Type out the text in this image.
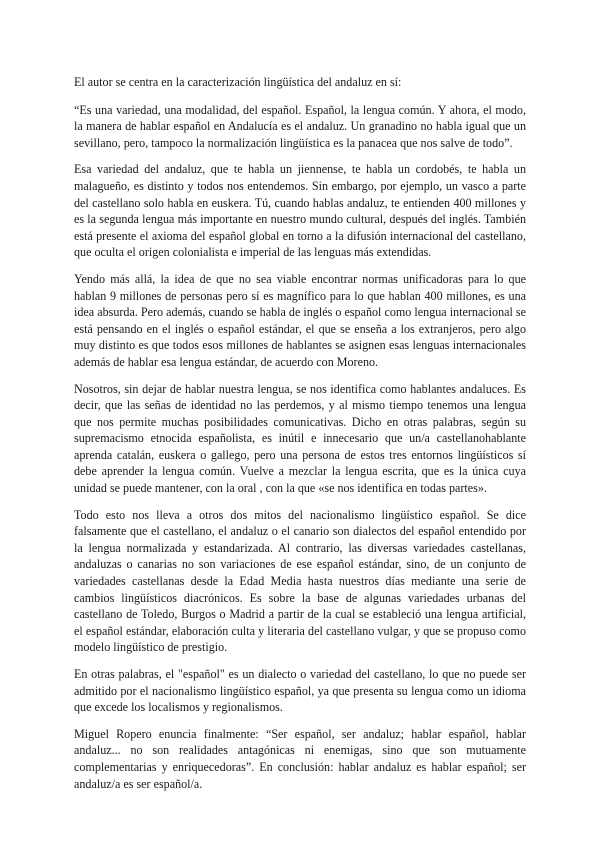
El autor se centra en la caracterización lingüística del andaluz en sí:

“Es una variedad, una modalidad, del español. Español, la lengua común. Y ahora, el modo, la manera de hablar español en Andalucía es el andaluz. Un granadino no habla igual que un sevillano, pero, tampoco la normalización lingüística es la panacea que nos salve de todo”.

Esa variedad del andaluz, que te habla un jiennense, te habla un cordobés, te habla un malagueño, es distinto y todos nos entendemos. Sin embargo, por ejemplo, un vasco a parte del castellano solo habla en euskera. Tú, cuando hablas andaluz, te entienden 400 millones y es la segunda lengua más importante en nuestro mundo cultural, después del inglés. También está presente el axioma del español global en torno a la difusión internacional del castellano, que oculta el origen colonialista e imperial de las lenguas más extendidas.

Yendo más allá, la idea de que no sea viable encontrar normas unificadoras para lo que hablan 9 millones de personas pero sí es magnífico para lo que hablan 400 millones, es una idea absurda. Pero además, cuando se habla de inglés o español como lengua internacional se está pensando en el inglés o español estándar, el que se enseña a los extranjeros, pero algo muy distinto es que todos esos millones de hablantes se asignen esas lenguas internacionales además de hablar esa lengua estándar, de acuerdo con Moreno.

Nosotros, sin dejar de hablar nuestra lengua, se nos identifica como hablantes andaluces. Es decir, que las señas de identidad no las perdemos, y al mismo tiempo tenemos una lengua que nos permite muchas posibilidades comunicativas. Dicho en otras palabras, según su supremacismo etnocida españolista, es inútil e innecesario que un/a castellanohablante aprenda catalán, euskera o gallego, pero una persona de estos tres entornos lingüísticos sí debe aprender la lengua común. Vuelve a mezclar la lengua escrita, que es la única cuya unidad se puede mantener, con la oral , con la que «se nos identifica en todas partes».

Todo esto nos lleva a otros dos mitos del nacionalismo lingüístico español. Se dice falsamente que el castellano, el andaluz o el canario son dialectos del español entendido por la lengua normalizada y estandarizada. Al contrario, las diversas variedades castellanas, andaluzas o canarias no son variaciones de ese español estándar, sino, de un conjunto de variedades castellanas desde la Edad Media hasta nuestros días mediante una serie de cambios lingüísticos diacrónicos. Es sobre la base de algunas variedades urbanas del castellano de Toledo, Burgos o Madrid a partir de la cual se estableció una lengua artificial, el español estándar, elaboración culta y literaria del castellano vulgar, y que se propuso como modelo lingüístico de prestigio.

En otras palabras, el "español" es un dialecto o variedad del castellano, lo que no puede ser admitido por el nacionalismo lingüístico español, ya que presenta su lengua como un idioma que excede los localismos y regionalismos.

Miguel Ropero enuncia finalmente: “Ser español, ser andaluz; hablar español, hablar andaluz... no son realidades antagónicas ni enemigas, sino que son mutuamente complementarias y enriquecedoras”. En conclusión: hablar andaluz es hablar español; ser andaluz/a es ser español/a.
